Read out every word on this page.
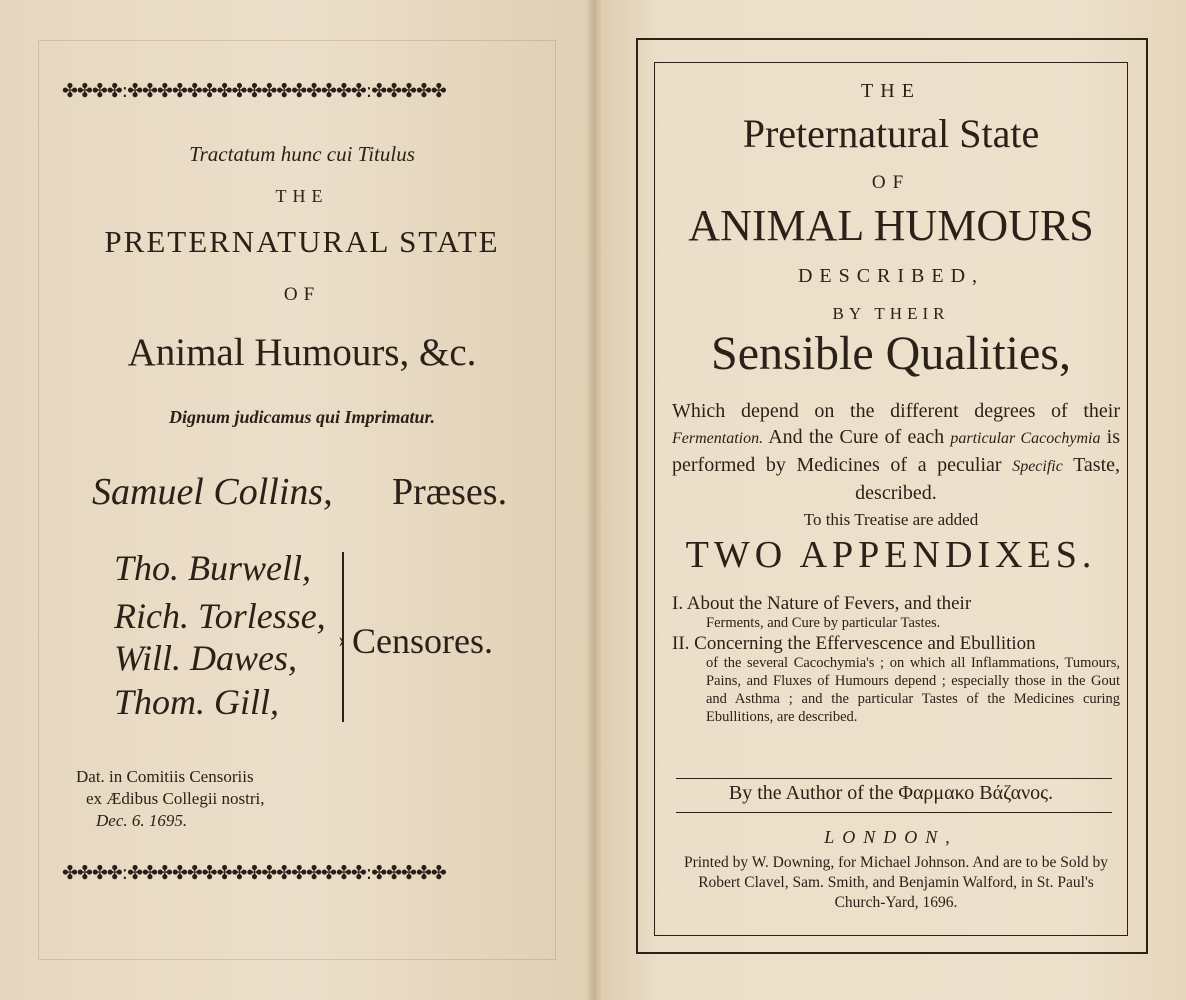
✤✤✤✤:✤✤✤✤✤✤✤✤✤✤✤✤✤✤✤✤:✤✤✤✤✤
Tractatum hunc cui Titulus
THE
PRETERNATURAL STATE
OF
Animal Humours, &c.
Dignum judicamus qui Imprimatur.
Samuel Collins, Præses.
Tho. Burwell,
Rich. Torlesse,
Will. Dawes,
Thom. Gill,
› Censores.
Dat. in Comitiis Censoriis
ex Ædibus Collegii nostri,
Dec. 6. 1695.
✤✤✤✤:✤✤✤✤✤✤✤✤✤✤✤✤✤✤✤✤:✤✤✤✤✤
THE
Preternatural State
OF
ANIMAL HUMOURS
DESCRIBED,
BY THEIR
Sensible Qualities,
Which depend on the different degrees of their Fermentation. And the Cure of each particular Cacochymia is performed by Medicines of a peculiar Specific Taste, described.
To this Treatise are added
TWO APPENDIXES.
I. About the Nature of Fevers, and their
Ferments, and Cure by particular Tastes.
II. Concerning the Effervescence and Ebullition
of the several Cacochymia's ; on which all Inflammations, Tumours, Pains, and Fluxes of Humours depend ; especially those in the Gout and Asthma ; and the particular Tastes of the Medicines curing Ebullitions, are described.
By the Author of the Φαρμακο Βάζανος.
LONDON,
Printed by W. Downing, for Michael Johnson. And are to be Sold by Robert Clavel, Sam. Smith, and Benjamin Walford, in St. Paul's Church-Yard, 1696.
